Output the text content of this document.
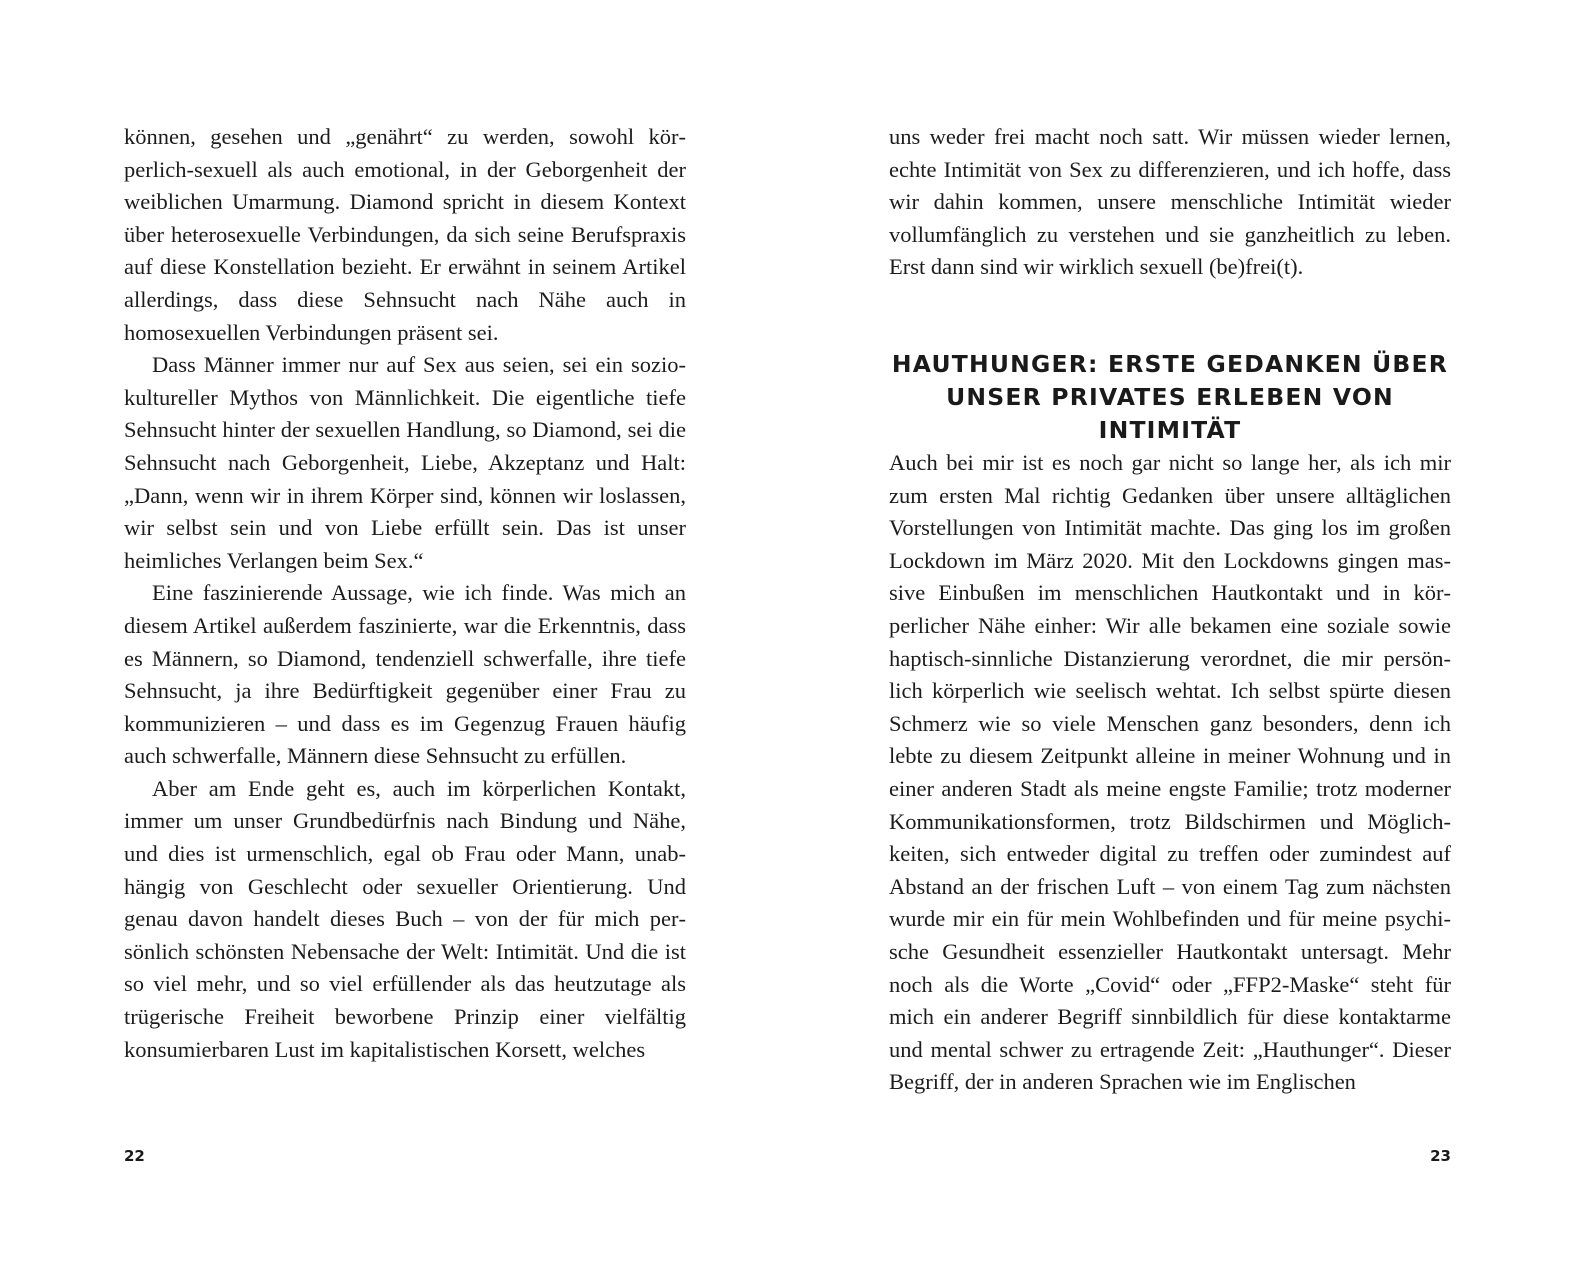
können, gesehen und „genährt“ zu werden, sowohl körperlich-sexuell als auch emotional, in der Geborgenheit der weiblichen Umarmung. Diamond spricht in diesem Kontext über heterosexuelle Verbindungen, da sich seine Berufspraxis auf diese Konstellation bezieht. Er erwähnt in seinem Artikel allerdings, dass diese Sehnsucht nach Nähe auch in homosexuellen Verbindungen präsent sei.

Dass Männer immer nur auf Sex aus seien, sei ein soziokultureller Mythos von Männlichkeit. Die eigentliche tiefe Sehnsucht hinter der sexuellen Handlung, so Diamond, sei die Sehnsucht nach Geborgenheit, Liebe, Akzeptanz und Halt: „Dann, wenn wir in ihrem Körper sind, können wir loslassen, wir selbst sein und von Liebe erfüllt sein. Das ist unser heimliches Verlangen beim Sex.“

Eine faszinierende Aussage, wie ich finde. Was mich an diesem Artikel außerdem faszinierte, war die Erkenntnis, dass es Männern, so Diamond, tendenziell schwerfalle, ihre tiefe Sehnsucht, ja ihre Bedürftigkeit gegenüber einer Frau zu kommunizieren – und dass es im Gegenzug Frauen häufig auch schwerfalle, Männern diese Sehnsucht zu erfüllen.

Aber am Ende geht es, auch im körperlichen Kontakt, immer um unser Grundbedürfnis nach Bindung und Nähe, und dies ist urmenschlich, egal ob Frau oder Mann, unabhängig von Geschlecht oder sexueller Orientierung. Und genau davon handelt dieses Buch – von der für mich persönlich schönsten Nebensache der Welt: Intimität. Und die ist so viel mehr, und so viel erfüllender als das heutzutage als trügerische Freiheit beworbene Prinzip einer vielfältig konsumierbaren Lust im kapitalistischen Korsett, welches

22

uns weder frei macht noch satt. Wir müssen wieder lernen, echte Intimität von Sex zu differenzieren, und ich hoffe, dass wir dahin kommen, unsere menschliche Intimität wieder vollumfänglich zu verstehen und sie ganzheitlich zu leben. Erst dann sind wir wirklich sexuell (be)frei(t).

HAUTHUNGER: ERSTE GEDANKEN ÜBER
UNSER PRIVATES ERLEBEN VON INTIMITÄT

Auch bei mir ist es noch gar nicht so lange her, als ich mir zum ersten Mal richtig Gedanken über unsere alltäglichen Vorstellungen von Intimität machte. Das ging los im großen Lockdown im März 2020. Mit den Lockdowns gingen massive Einbußen im menschlichen Hautkontakt und in körperlicher Nähe einher: Wir alle bekamen eine soziale sowie haptisch-sinnliche Distanzierung verordnet, die mir persönlich körperlich wie seelisch wehtat. Ich selbst spürte diesen Schmerz wie so viele Menschen ganz besonders, denn ich lebte zu diesem Zeitpunkt alleine in meiner Wohnung und in einer anderen Stadt als meine engste Familie; trotz moderner Kommunikationsformen, trotz Bildschirmen und Möglichkeiten, sich entweder digital zu treffen oder zumindest auf Abstand an der frischen Luft – von einem Tag zum nächsten wurde mir ein für mein Wohlbefinden und für meine psychische Gesundheit essenzieller Hautkontakt untersagt. Mehr noch als die Worte „Covid“ oder „FFP2-Maske“ steht für mich ein anderer Begriff sinnbildlich für diese kontaktarme und mental schwer zu ertragende Zeit: „Hauthunger“. Dieser Begriff, der in anderen Sprachen wie im Englischen

23
